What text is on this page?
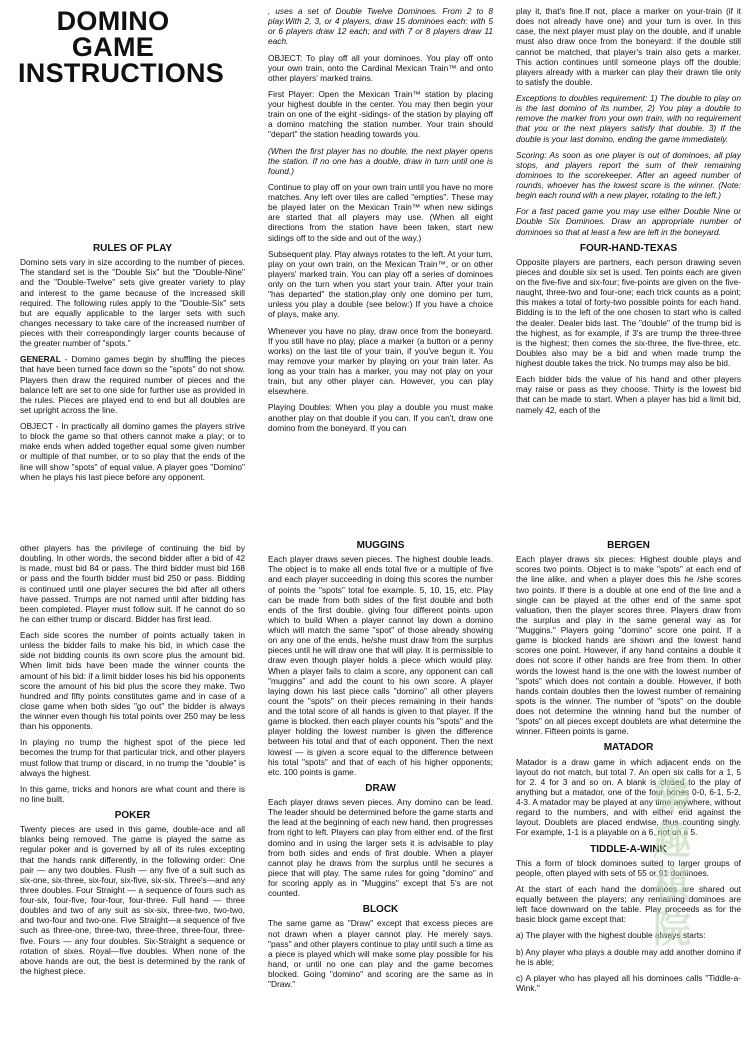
DOMINO
GAME
INSTRUCTIONS
RULES OF PLAY

Domino sets vary in size according to the number of pieces. The standard set is the "Double Six" but the "Double-Nine" and the "Double-Twelve" sets give greater variety to play and interest to the game because of the increased skill required. The following rules apply to the "Double-Six" sets but are equally applicable to the larger sets with such changes necessary to take care of the increased number of pieces with their correspondingly larger counts because of the greater number of "spots."

GENERAL - Domino games begin by shuffling the pieces that have been turned face down so the "spots" do not show. Players then draw the required number of pieces and the balance left are set to one side for further use as provided in the rules. Pieces are played end to end but all doubles are set upright across the line.

OBJECT - In practically all domino games the players strive to block the game so that others cannot make a play; or to make ends when added together equal some given number or multiple of that number, or to so play that the ends of the line will show "spots" of equal value. A player goes "Domino" when he plays his last piece before any opponent.

other players has the privilege of continuing the bid by doubling. In other words, the second bidder after a bid of 42 is made, must bid 84 or pass. The third bidder must bid 168 or pass and the fourth bidder must bid 250 or pass. Bidding is continued until one player secures the bid after all others have passed. Trumps are not named until after bidding has been completed. Player must follow suit. If he cannot do so he can either trump or discard. Bidder has first lead.

Each side scores the number of points actually taken in unless the bidder fails to make his bid, in which case the side not bidding counts its own score plus the amount bid. When limit bids have been made the winner counts the amount of his bid: if a limit bidder loses his bid his opponents score the amount of his bid plus the score they make. Two hundred and fifty points constitutes game and in case of a close game when both sides "go out" the bidder is always the winner even though his total points over 250 may be less than his opponents.

In playing no trump the highest spot of the piece led becomes the trump for that particular trick, and other players must follow that trump or discard, in no trump the "double" is always the highest.

In this game, tricks and honors are what count and there is no line built.

POKER

Twenty pieces are used in this game, double-ace and all blanks being removed. The game is played the same as regular poker and is governed by all of its rules excepting that the hands rank differently, in the following order: One pair — any two doubles. Flush — any five of a suit such as six-one, six-three, six-four, six-five, six-six. Three's—and any three doubles. Four Straight — a sequence of fours such as four-six, four-five, four-four, four-three. Full hand — three doubles and two of any suit as six-six, three-two, two-two, and two-four and two-one. Five Straight—a sequence of five such as three-one, three-two, three-three, three-four, three-five. Fours — any four doubles. Six-Straight a sequence or rotation of sixes. Royal—five doubles. When none of the above hands are out, the best is determined by the rank of the highest piece.

, uses a set of Double Twelve Dominoes. From 2 to 8 play.With 2, 3, or 4 players, draw 15 dominoes each: with 5 or 6 players draw 12 each; and with 7 or 8 players draw 11 each.

OBJECT: To play off all your dominoes. You play off onto your own train, onto the Cardinal Mexican Train™ and onto other players' marked trains.

First Player: Open the Mexican Train™ station by placing your highest double in the center. You may then begin your train on one of the eight -sidings- of the station by playing off a domino matching the station number. Your train should "depart" the station heading towards you.

(When the first player has no double, the next player opens the station. If no one has a double, draw in turn until one is found.)

Continue to play off on your own train until you have no more matches. Any left over tiles are called "empties". These may be played later on the Mexican Train™ when new sidings are started that all players may use. (When all eight directions from the station have been taken, start new sidings off to the side and out of the way.)

Subsequent play. Play always rotates to the left. At your turn, play on your own train, on the Mexican Train™, or on other players' marked train. You can play off a series of dominoes only on the turn when you start your train. After your train "has departed" the station,play only one domino per turn, unless you play a double (see below:) If you have a choice of plays, make any.

Whenever you have no play, draw once from the boneyard. If you still have no play, place a marker (a button or a penny works) on the last tile of your train, if you've begun it. You may remove your marker by playing on your train later. As long as your train has a marker, you may not play on your train, but any other player can. However, you can play elsewhere.

Playing Doubles: When you play a double you must make another play on that double if you can. If you can't, draw one domino from the boneyard. If you can

MUGGINS

Each player draws seven pieces. The highest double leads. The object is to make all ends total five or a multiple of five and each player succeeding in doing this scores the number of points the "spots" total foe example. 5, 10, 15, etc. Play can be made from both sides of the first double and both ends of the first double. giving four different points upon which to build When a player cannot lay down a domino which will match the same "spot" of those already showing on any one of the ends, he/she must draw from the surplus pieces until he will draw one that will play. It is permissible to draw even though player holds a piece which would play. When a player fails to claim a score, any opponent can call "muggins" and add the count to his own score. A player laying down his last piece calls "domino" all other players count the "spots" on their pieces remaining in their hands and the total score of all hands is given to that player. If the game is blocked. then each player counts his "spots" and the player holding the lowest number is given the difference between his total and that of each opponent. Then the next lowest — is given a score equal to the difference between his total "spots" and that of each of his higher opponents; etc. 100 points is game.

DRAW

Each player draws seven pieces. Any domino can be lead. The leader should be determined before the game starts and the lead at the beginning of each new hand, then progresses from right to left. Players can play from either end. of the first domino and in using the larger sets it is advisable to play from both sides and ends of first double. When a player cannot play he draws from the surplus until he secures a piece that will play. The same rules for going "domino" and for scoring apply as in "Muggins" except that 5's are not counted.

BLOCK

The same game as "Draw" except that excess pieces are not drawn when a player cannot play. He merely says. "pass" and other players continue to play until such a time as a piece is played which will make some play possible for his hand, or until no one can play and the game becomes blocked. Going "domino" and scoring are the same as in "Draw."

play it, that's fine.If not, place a marker on your-train (if it does not already have one) and your turn is over. In this case, the next player must play on the double, and if unable must also draw once from the boneyard: if the double still cannot be matched, that player's train also gets a marker. This action continues until someone plays off the double: players already with a marker can play their drawn tile only to satisfy the double.

Exceptions to doubles requirement: 1) The double to play on is the last domino of its number, 2) You play a double to remove the marker from your own train, with no requirement that you or the next players satisfy that double. 3) If the double is your last domino, ending the game immediately.

Scoring: As soon as one player is out of dominoes, all play stops, and players report the sum of their remaining dominoes to the scorekeeper. After an ageed number of rounds, whoever has the lowest score is the winner. (Note: begin each round with a new player, rotating to the left.)

For a fast paced game you may use either Double Nine or Double Six Dominoes. Draw an appropriate number of dominoes so that at least a few are left in the boneyard.

FOUR-HAND-TEXAS

Opposite players are partners, each person drawing seven pieces and double six set is used. Ten points each are given on the five-five and six-four; five-points are given on the five-naught, three-two and four-one; each trick counts as a point; this makes a total of forty-two possible points for each hand. Bidding is to the left of the one chosen to start who is called the dealer. Dealer bids last. The "double" of the trump bid is the highest, as for example, if 3's are trump the three-three is the highest; then comes the six-three, the five-three, etc. Doubles also may be a bid and when made trump the highest double takes the trick. No trumps may also be bid.

Each bidder bids the value of his hand and other players may raise or pass as they choose. Thirty is the lowest bid that can be made to start. When a player has bid a limit bid, namely 42, each of the

BERGEN

Each player draws six pieces: Highest double plays and scores two points. Object is to make "spots" at each end of the line alike, and when a player does this he /she scores two points. If there is a double at one end of the line and a single can be played at the other end of the same spot valuation, then the player scores three. Players draw from the surplus and play in the same general way as for "Muggins." Players going "domino" score one point. If a game is blocked hands are shown and the lowest hand scores one point. However, if any hand contains a double it does not score if other hands are free from them. In other words the lowest hand is the one with the lowest number of "spots" which does not contain a double. However, if both hands contain doubles then the lowest number of remaining spots is the winner. The number of "spots" on the double does not determine the winning hand but the number of "spots" on all pieces except doublets are what determine the winner. Fifteen points is game.

MATADOR

Matador is a draw game in which adjacent ends on the layout do not match, but total 7. An open six calls for a 1, 5 for 2. 4 for 3 and so on. A blank is closed to the play of anything but a matador, one of the four bones 0-0, 6-1, 5-2, 4-3. A matador may be played at any time anywhere, without regard to the numbers, and with either end against the layout. Doublets are placed endwise, thus counting singly. For example, 1-1 is a playable on a 6, not on a 5.

TIDDLE-A-WINK

This a form of block dominoes suited to larger groups of people, often played with sets of 55 or 91 dominoes.

At the start of each hand the dominoes are shared out equally between the players; any remaining dominoes are left face downward on the table. Play proceeds as for the basic block game except that:

a) The player with the highest double always starts:

b) Any player who plays a double may add another domino if he is able;

c) A player who has played all his dominoes calls "Tiddle-a-Wink."

樂
趣
棋
院
